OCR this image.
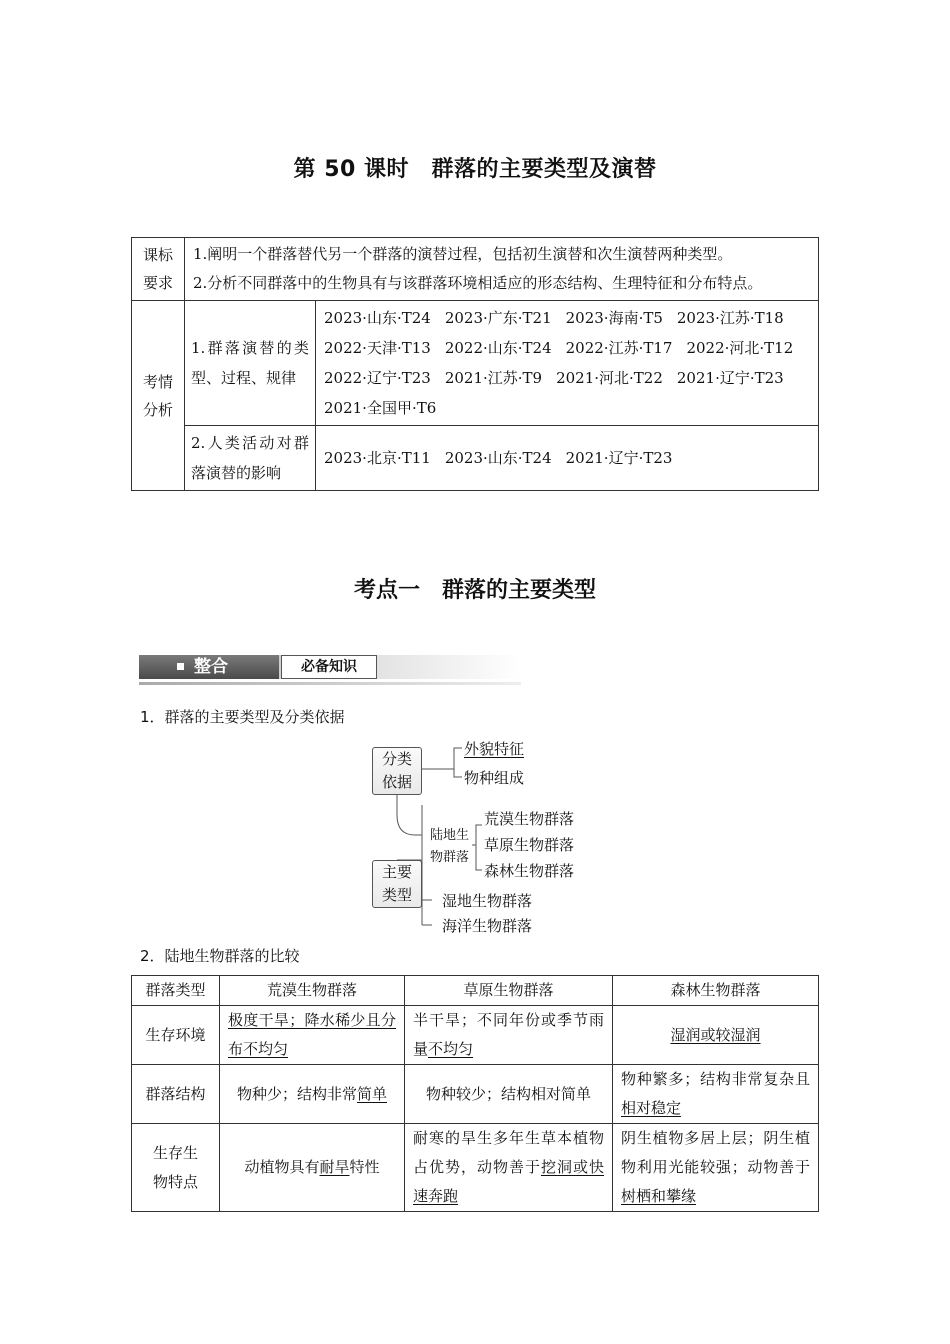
第 50 课时　群落的主要类型及演替
课标要求	1.阐明一个群落替代另一个群落的演替过程，包括初生演替和次生演替两种类型。
2.分析不同群落中的生物具有与该群落环境相适应的形态结构、生理特征和分布特点。	

考情分析	1.群落演替的类型、过程、规律	2023·山东·T24 2023·广东·T21 2023·海南·T5 2023·江苏·T18
2022·天津·T13 2022·山东·T24 2022·江苏·T17 2022·河北·T12
2022·辽宁·T23 2021·江苏·T9 2021·河北·T22 2021·辽宁·T23
2021·全国甲·T6
	2.人类活动对群落演替的影响	2023·北京·T11 2023·山东·T24 2021·辽宁·T23
考点一　群落的主要类型
整合	必备知识
1．群落的主要类型及分类依据
分类依据
外貌特征
物种组成
陆地生物群落
荒漠生物群落
草原生物群落
森林生物群落
主要类型 湿地生物群落
海洋生物群落
2．陆地生物群落的比较
群落类型	荒漠生物群落	草原生物群落	森林生物群落
生存环境	极度干旱；降水稀少且分布不均匀	半干旱；不同年份或季节雨量不均匀	湿润或较湿润
群落结构	物种少；结构非常简单	物种较少；结构相对简单	物种繁多；结构非常复杂且相对稳定

生存生物特点	动植物具有耐旱特性	耐寒的旱生多年生草本植物占优势，动物善于挖洞或快速奔跑	阴生植物多居上层；阴生植物利用光能较强；动物善于树栖和攀缘
